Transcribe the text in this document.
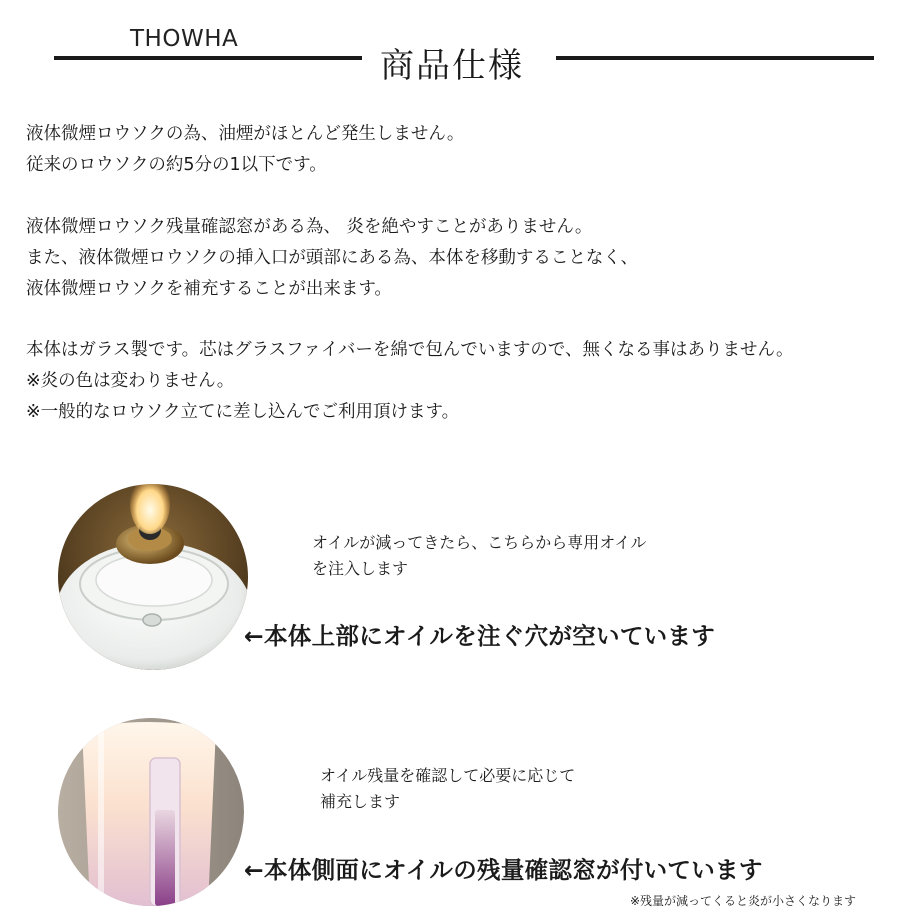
THOWHA
商品仕様
液体微煙ロウソクの為、油煙がほとんど発生しません。
従来のロウソクの約5分の1以下です。
液体微煙ロウソク残量確認窓がある為、 炎を絶やすことがありません。
また、液体微煙ロウソクの挿入口が頭部にある為、本体を移動することなく、
液体微煙ロウソクを補充することが出来ます。
本体はガラス製です。芯はグラスファイバーを綿で包んでいますので、無くなる事はありません。
※炎の色は変わりません。
※一般的なロウソク立てに差し込んでご利用頂けます。
オイルが減ってきたら、こちらから専用オイル
を注入します
←本体上部にオイルを注ぐ穴が空いています
オイル残量を確認して必要に応じて
補充します
←本体側面にオイルの残量確認窓が付いています
※残量が減ってくると炎が小さくなります
